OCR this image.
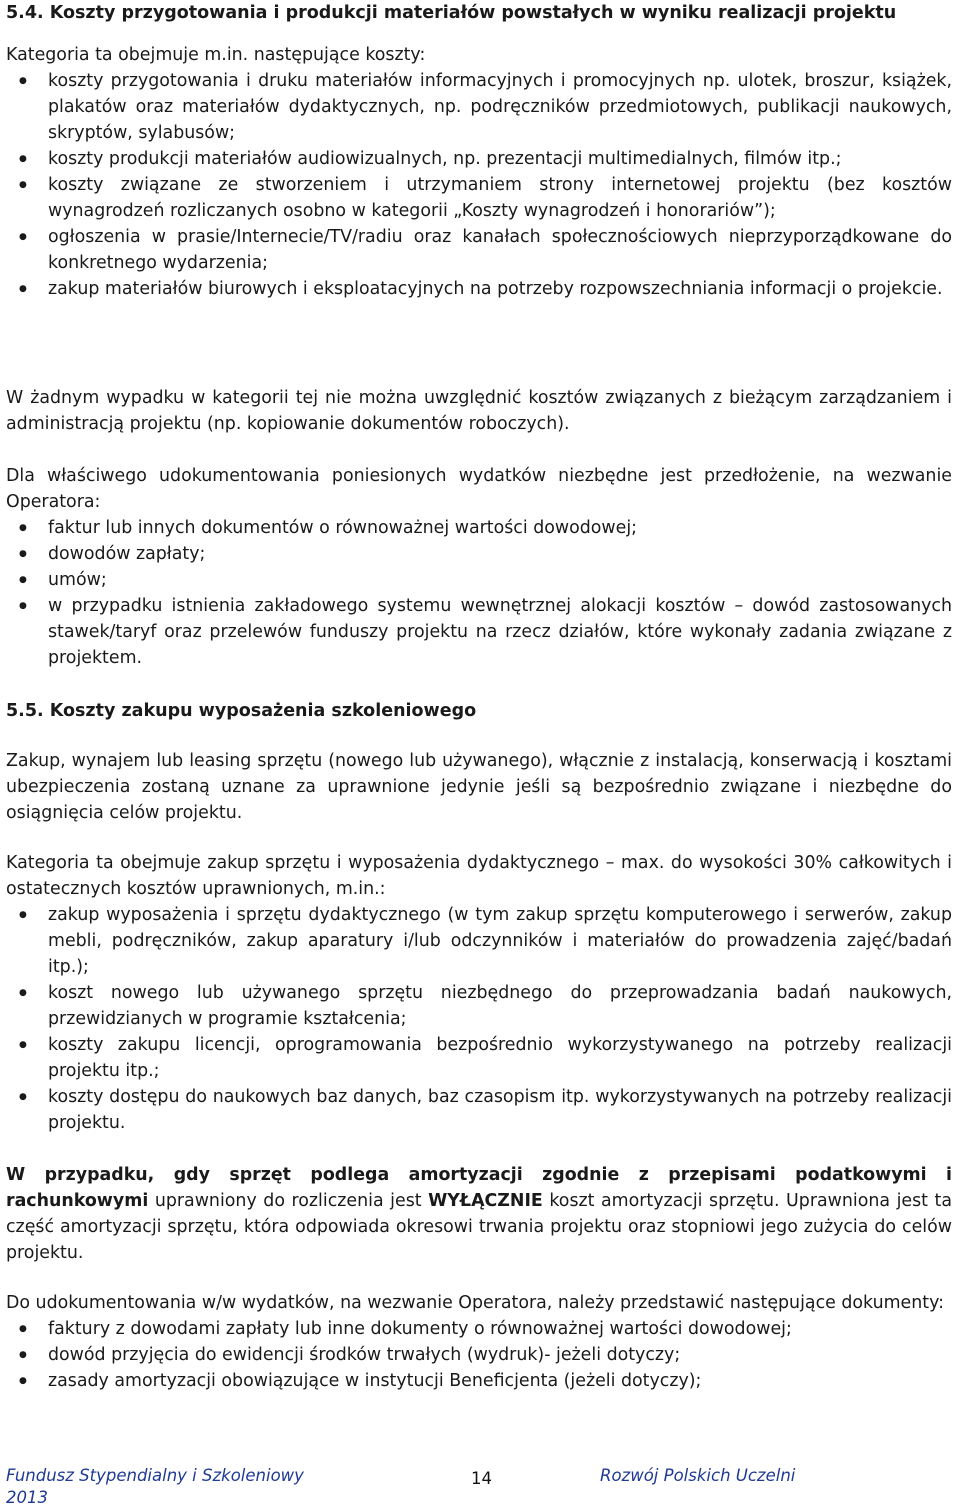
5.4. Koszty przygotowania i produkcji materiałów powstałych w wyniku realizacji projektu

Kategoria ta obejmuje m.in. następujące koszty:

● koszty przygotowania i druku materiałów informacyjnych i promocyjnych np. ulotek, broszur, książek, plakatów oraz materiałów dydaktycznych, np. podręczników przedmiotowych, publikacji naukowych, skryptów, sylabusów;
● koszty produkcji materiałów audiowizualnych, np. prezentacji multimedialnych, filmów itp.;
● koszty związane ze stworzeniem i utrzymaniem strony internetowej projektu (bez kosztów wynagrodzeń rozliczanych osobno w kategorii „Koszty wynagrodzeń i honorariów”);
● ogłoszenia w prasie/Internecie/TV/radiu oraz kanałach społecznościowych nieprzyporządkowane do konkretnego wydarzenia;
● zakup materiałów biurowych i eksploatacyjnych na potrzeby rozpowszechniania informacji o projekcie.

W żadnym wypadku w kategorii tej nie można uwzględnić kosztów związanych z bieżącym zarządzaniem i administracją projektu (np. kopiowanie dokumentów roboczych).

Dla właściwego udokumentowania poniesionych wydatków niezbędne jest przedłożenie, na wezwanie Operatora:

● faktur lub innych dokumentów o równoważnej wartości dowodowej;
● dowodów zapłaty;
● umów;
● w przypadku istnienia zakładowego systemu wewnętrznej alokacji kosztów – dowód zastosowanych stawek/taryf oraz przelewów funduszy projektu na rzecz działów, które wykonały zadania związane z projektem.
5.5. Koszty zakupu wyposażenia szkoleniowego

Zakup, wynajem lub leasing sprzętu (nowego lub używanego), włącznie z instalacją, konserwacją i kosztami ubezpieczenia zostaną uznane za uprawnione jedynie jeśli są bezpośrednio związane i niezbędne do osiągnięcia celów projektu.

Kategoria ta obejmuje zakup sprzętu i wyposażenia dydaktycznego – max. do wysokości 30% całkowitych i ostatecznych kosztów uprawnionych, m.in.:

● zakup wyposażenia i sprzętu dydaktycznego (w tym zakup sprzętu komputerowego i serwerów, zakup mebli, podręczników, zakup aparatury i/lub odczynników i materiałów do prowadzenia zajęć/badań itp.);
● koszt nowego lub używanego sprzętu niezbędnego do przeprowadzania badań naukowych, przewidzianych w programie kształcenia;
● koszty zakupu licencji, oprogramowania bezpośrednio wykorzystywanego na potrzeby realizacji projektu itp.;
● koszty dostępu do naukowych baz danych, baz czasopism itp. wykorzystywanych na potrzeby realizacji projektu.

W przypadku, gdy sprzęt podlega amortyzacji zgodnie z przepisami podatkowymi i rachunkowymi uprawniony do rozliczenia jest WYŁĄCZNIE koszt amortyzacji sprzętu. Uprawniona jest ta część amortyzacji sprzętu, która odpowiada okresowi trwania projektu oraz stopniowi jego zużycia do celów projektu.

Do udokumentowania w/w wydatków, na wezwanie Operatora, należy przedstawić następujące dokumenty:

● faktury z dowodami zapłaty lub inne dokumenty o równoważnej wartości dowodowej;
● dowód przyjęcia do ewidencji środków trwałych (wydruk)- jeżeli dotyczy;
● zasady amortyzacji obowiązujące w instytucji Beneficjenta (jeżeli dotyczy);
Fundusz Stypendialny i Szkoleniowy 2013
14	Rozwój Polskich Uczelni
